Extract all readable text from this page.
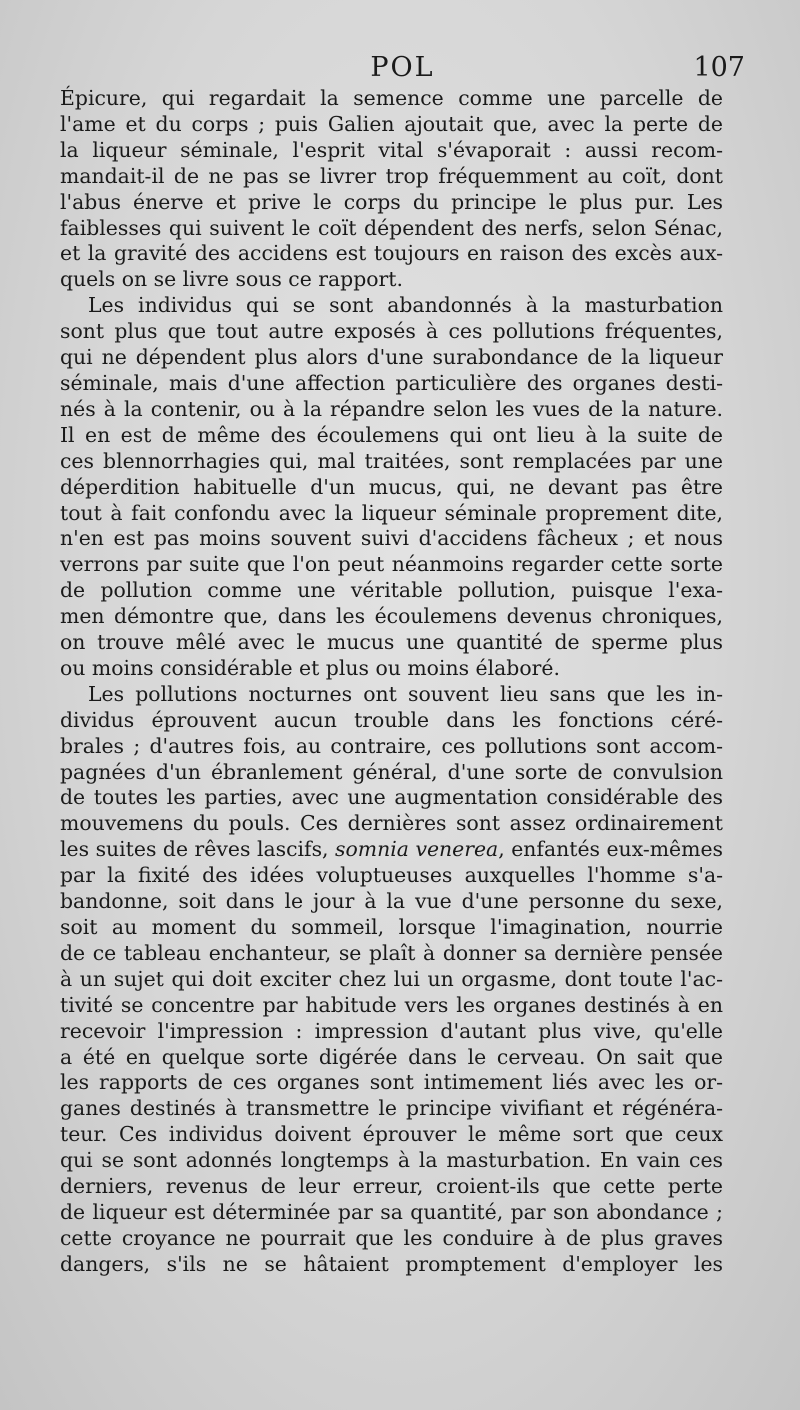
POL	107

Épicure, qui regardait la semence comme une parcelle de

l'ame et du corps ; puis Galien ajoutait que, avec la perte de

la liqueur séminale, l'esprit vital s'évaporait : aussi recom-

mandait-il de ne pas se livrer trop fréquemment au coït, dont

l'abus énerve et prive le corps du principe le plus pur. Les

faiblesses qui suivent le coït dépendent des nerfs, selon Sénac,

et la gravité des accidens est toujours en raison des excès aux-

quels on se livre sous ce rapport.

Les individus qui se sont abandonnés à la masturbation

sont plus que tout autre exposés à ces pollutions fréquentes,

qui ne dépendent plus alors d'une surabondance de la liqueur

séminale, mais d'une affection particulière des organes desti-

nés à la contenir, ou à la répandre selon les vues de la nature.

Il en est de même des écoulemens qui ont lieu à la suite de

ces blennorrhagies qui, mal traitées, sont remplacées par une

déperdition habituelle d'un mucus, qui, ne devant pas être

tout à fait confondu avec la liqueur séminale proprement dite,

n'en est pas moins souvent suivi d'accidens fâcheux ; et nous

verrons par suite que l'on peut néanmoins regarder cette sorte

de pollution comme une véritable pollution, puisque l'exa-

men démontre que, dans les écoulemens devenus chroniques,

on trouve mêlé avec le mucus une quantité de sperme plus

ou moins considérable et plus ou moins élaboré.

Les pollutions nocturnes ont souvent lieu sans que les in-

dividus éprouvent aucun trouble dans les fonctions céré-

brales ; d'autres fois, au contraire, ces pollutions sont accom-

pagnées d'un ébranlement général, d'une sorte de convulsion

de toutes les parties, avec une augmentation considérable des

mouvemens du pouls. Ces dernières sont assez ordinairement

les suites de rêves lascifs, somnia venerea, enfantés eux-mêmes

par la fixité des idées voluptueuses auxquelles l'homme s'a-

bandonne, soit dans le jour à la vue d'une personne du sexe,

soit au moment du sommeil, lorsque l'imagination, nourrie

de ce tableau enchanteur, se plaît à donner sa dernière pensée

à un sujet qui doit exciter chez lui un orgasme, dont toute l'ac-

tivité se concentre par habitude vers les organes destinés à en

recevoir l'impression : impression d'autant plus vive, qu'elle

a été en quelque sorte digérée dans le cerveau. On sait que

les rapports de ces organes sont intimement liés avec les or-

ganes destinés à transmettre le principe vivifiant et régénéra-

teur. Ces individus doivent éprouver le même sort que ceux

qui se sont adonnés longtemps à la masturbation. En vain ces

derniers, revenus de leur erreur, croient-ils que cette perte

de liqueur est déterminée par sa quantité, par son abondance ;

cette croyance ne pourrait que les conduire à de plus graves

dangers, s'ils ne se hâtaient promptement d'employer les
